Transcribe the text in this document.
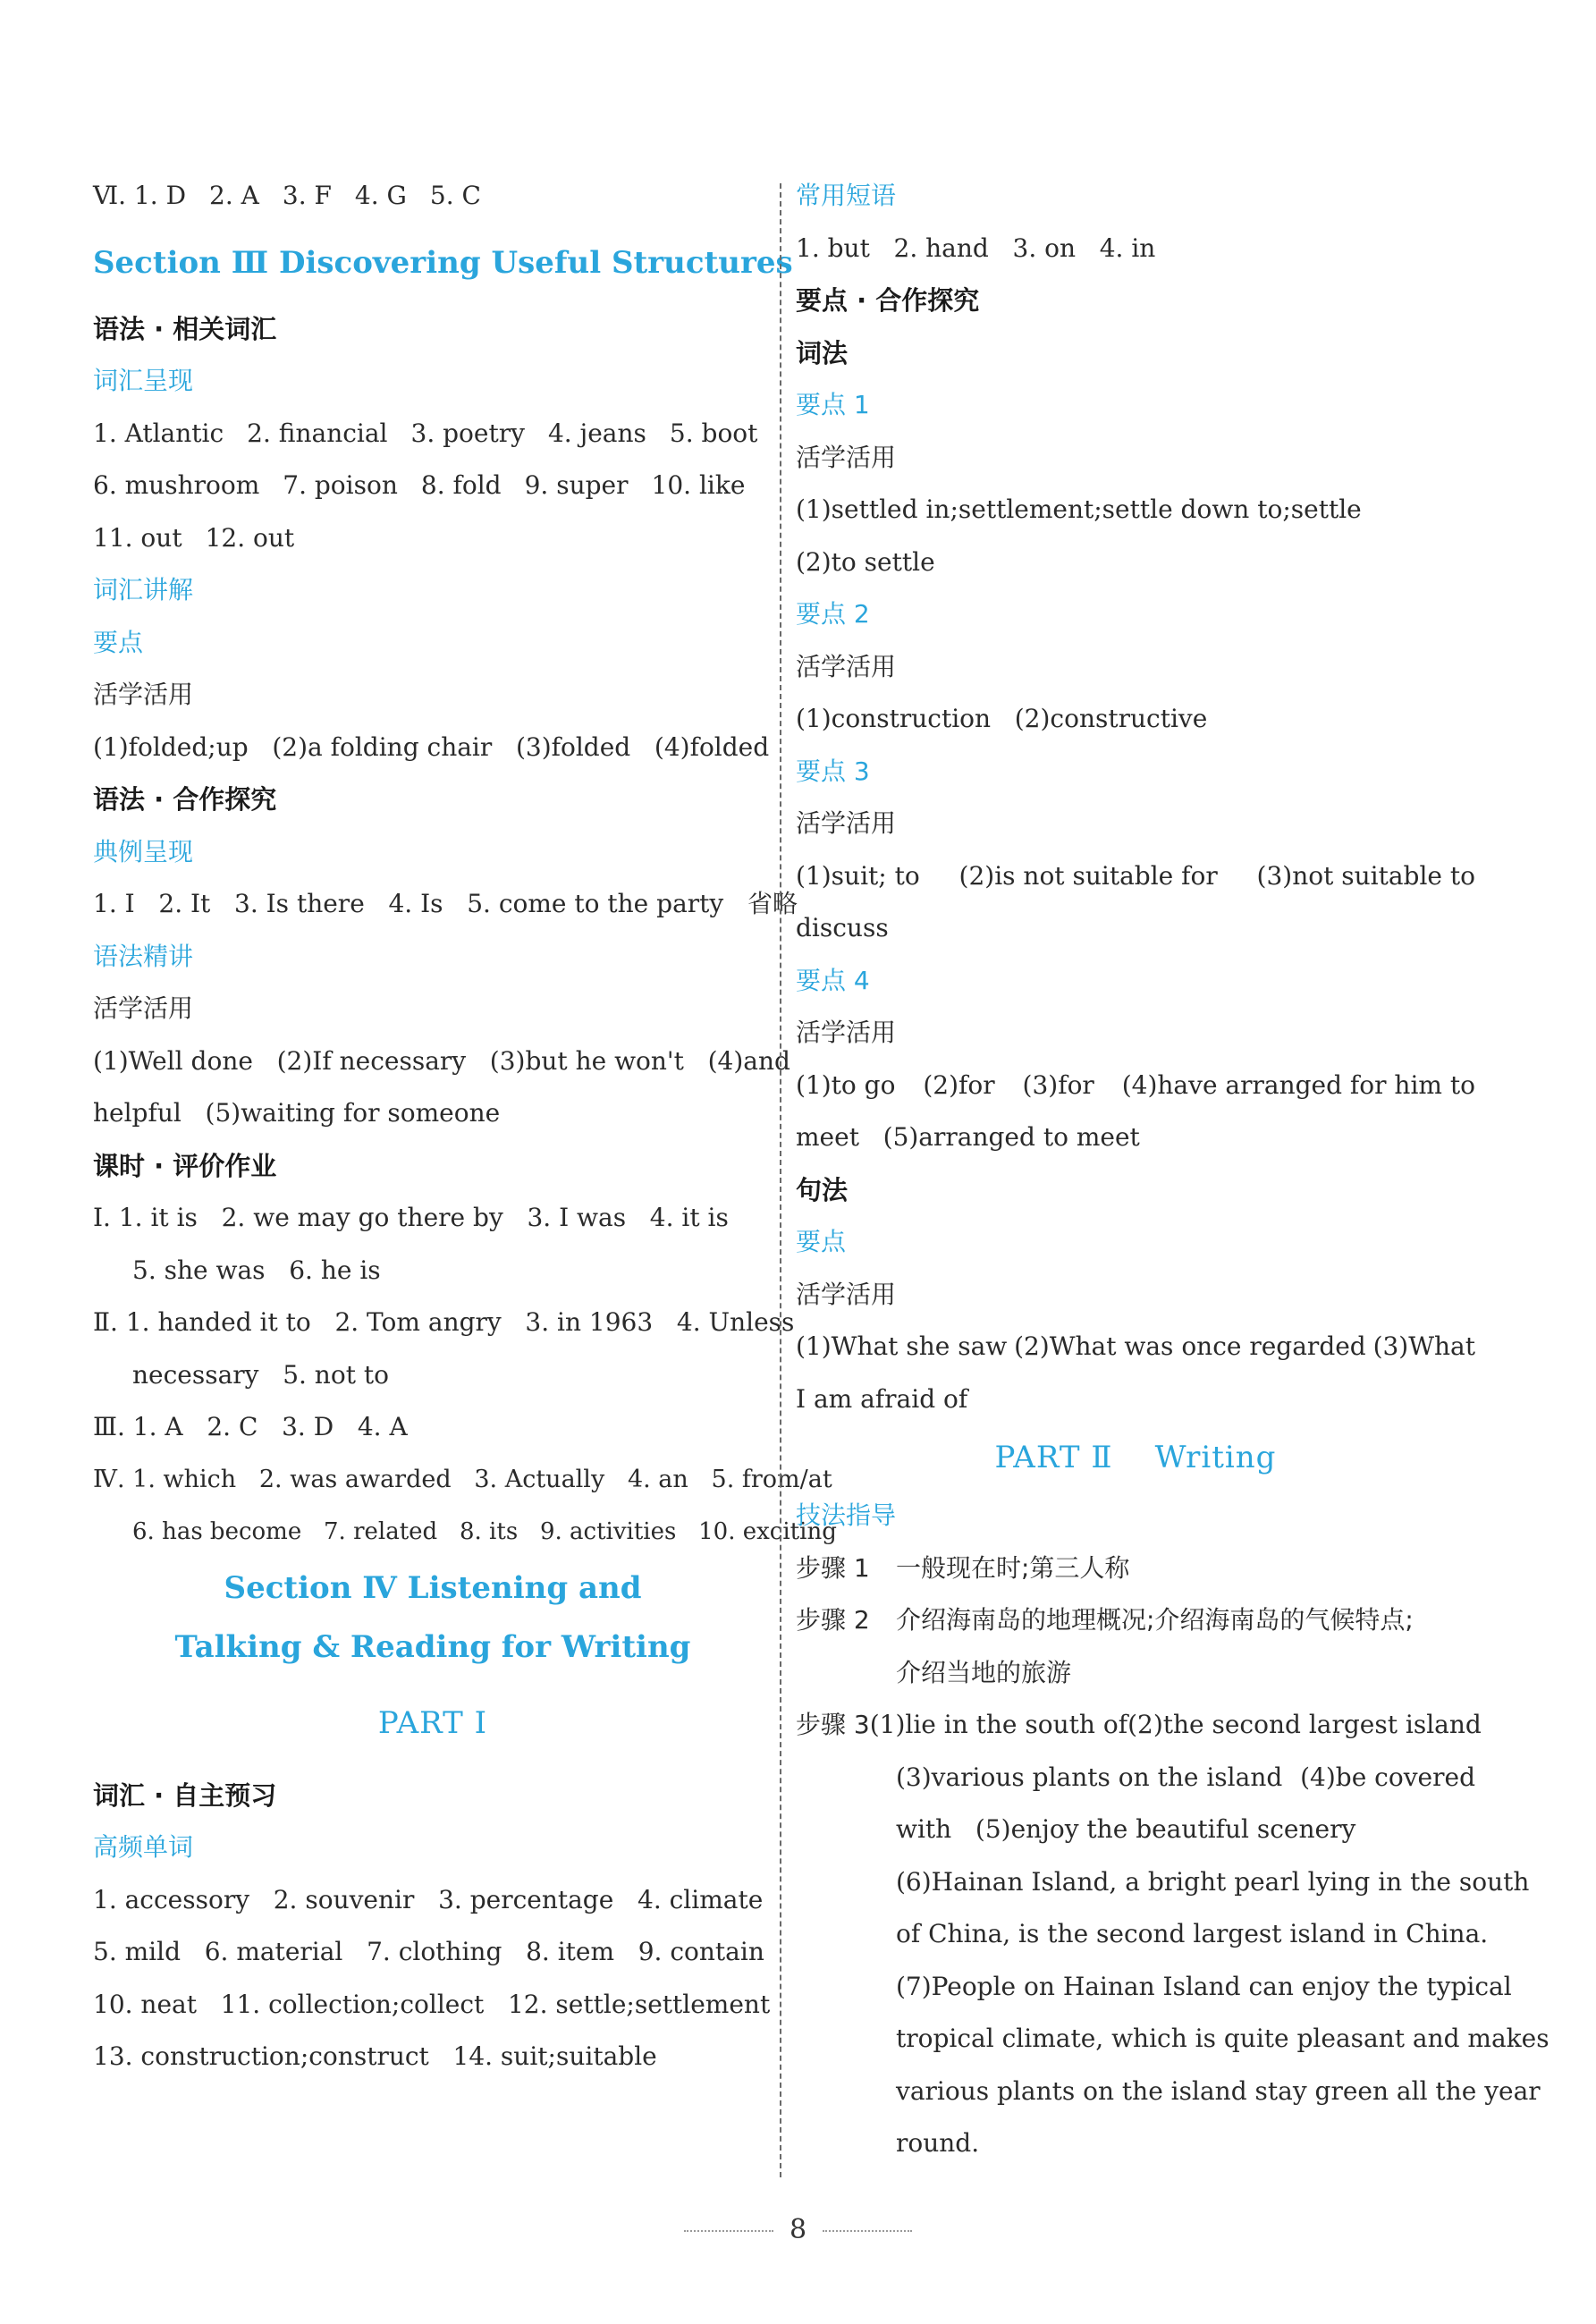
Ⅵ. 1. D 2. A 3. F 4. G 5. C
Section Ⅲ Discovering Useful Structures
语法 · 相关词汇
词汇呈现
1. Atlantic 2. financial 3. poetry 4. jeans 5. boot
6. mushroom 7. poison 8. fold 9. super 10. like
11. out 12. out
词汇讲解
要点
活学活用
(1)folded;up   (2)a folding chair   (3)folded   (4)folded
语法 · 合作探究
典例呈现
1. I   2. It   3. Is there   4. Is   5. come to the party 省略
语法精讲
活学活用
(1)Well done   (2)If necessary   (3)but he won't   (4)and
helpful   (5)waiting for someone
课时 · 评价作业
Ⅰ. 1. it is   2. we may go there by   3. I was   4. it is
5. she was   6. he is
Ⅱ. 1. handed it to   2. Tom angry   3. in 1963   4. Unless
necessary   5. not to
Ⅲ. 1. A   2. C   3. D   4. A
Ⅳ. 1. which   2. was awarded   3. Actually   4. an   5. from/at
6. has become   7. related   8. its   9. activities   10. exciting
Section Ⅳ Listening and
Talking & Reading for Writing
PART Ⅰ
词汇 · 自主预习
高频单词
1. accessory   2. souvenir   3. percentage   4. climate
5. mild   6. material   7. clothing   8. item   9. contain
10. neat   11. collection;collect   12. settle;settlement
13. construction;construct   14. suit;suitable
常用短语
1. but   2. hand   3. on   4. in
要点 · 合作探究
词法
要点 1
活学活用
(1)settled in;settlement;settle down to;settle
(2)to settle
要点 2
活学活用
(1)construction   (2)constructive
要点 3
活学活用
(1)suit; to (2)is not suitable for (3)not suitable to
discuss
要点 4
活学活用
(1)to go (2)for (3)for (4)have arranged for him to
meet   (5)arranged to meet
句法
要点
活学活用
(1)What she saw (2)What was once regarded (3)What
I am afraid of
PART Ⅱ    Writing
技法指导
步骤 1 一般现在时;第三人称
步骤 2 介绍海南岛的地理概况;介绍海南岛的气候特点;
介绍当地的旅游
步骤 3 (1)lie in the south of (2)the second largest island
(3)various plants on the island (4)be covered
with   (5)enjoy the beautiful scenery
(6)Hainan Island, a bright pearl lying in the south
of China, is the second largest island in China.
(7)People on Hainan Island can enjoy the typical
tropical climate, which is quite pleasant and makes
various plants on the island stay green all the year
round.
8
